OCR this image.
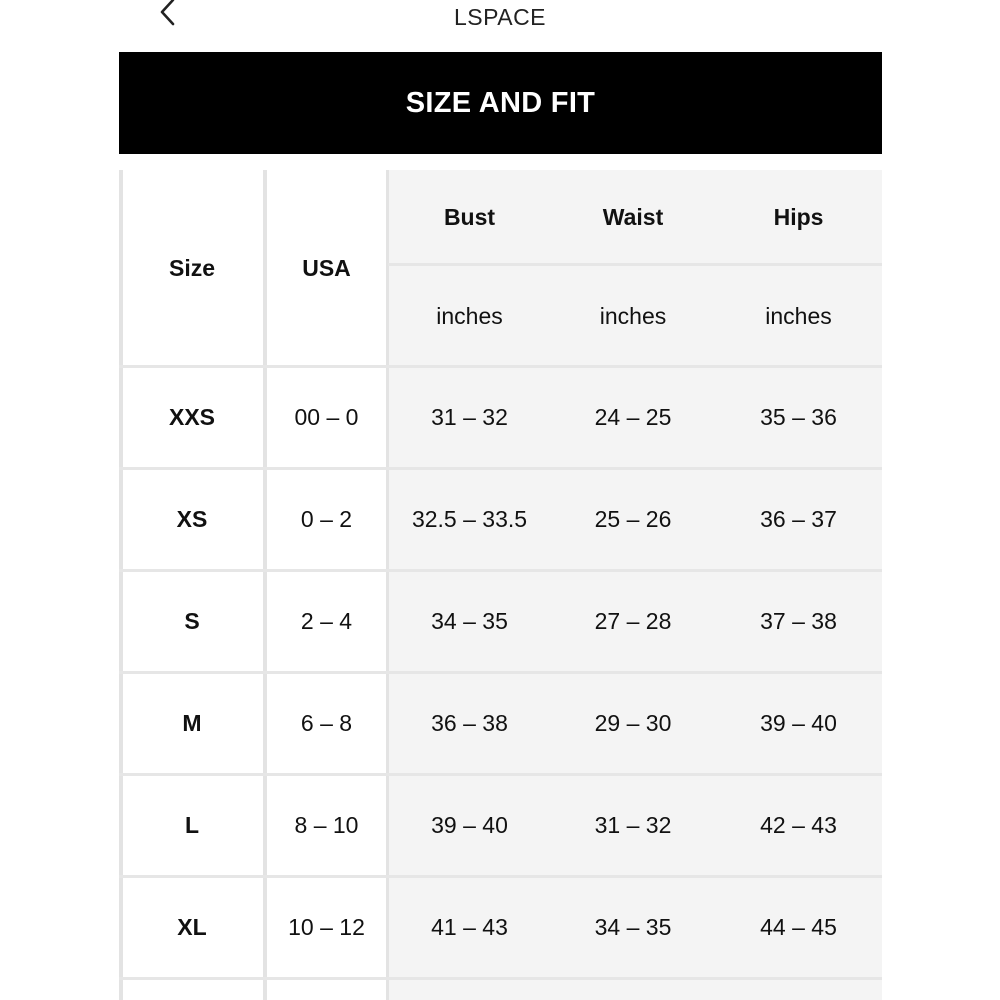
LSPACE
SIZE AND FIT
Size	USA
Bust	Waist	Hips
inches	inches	inches
XXS	00 – 0	31 – 32	24 – 25	35 – 36
XS	0 – 2	32.5 – 33.5	25 – 26	36 – 37
S	2 – 4	34 – 35	27 – 28	37 – 38
M	6 – 8	36 – 38	29 – 30	39 – 40
L	8 – 10	39 – 40	31 – 32	42 – 43
XL	10 – 12	41 – 43	34 – 35	44 – 45
